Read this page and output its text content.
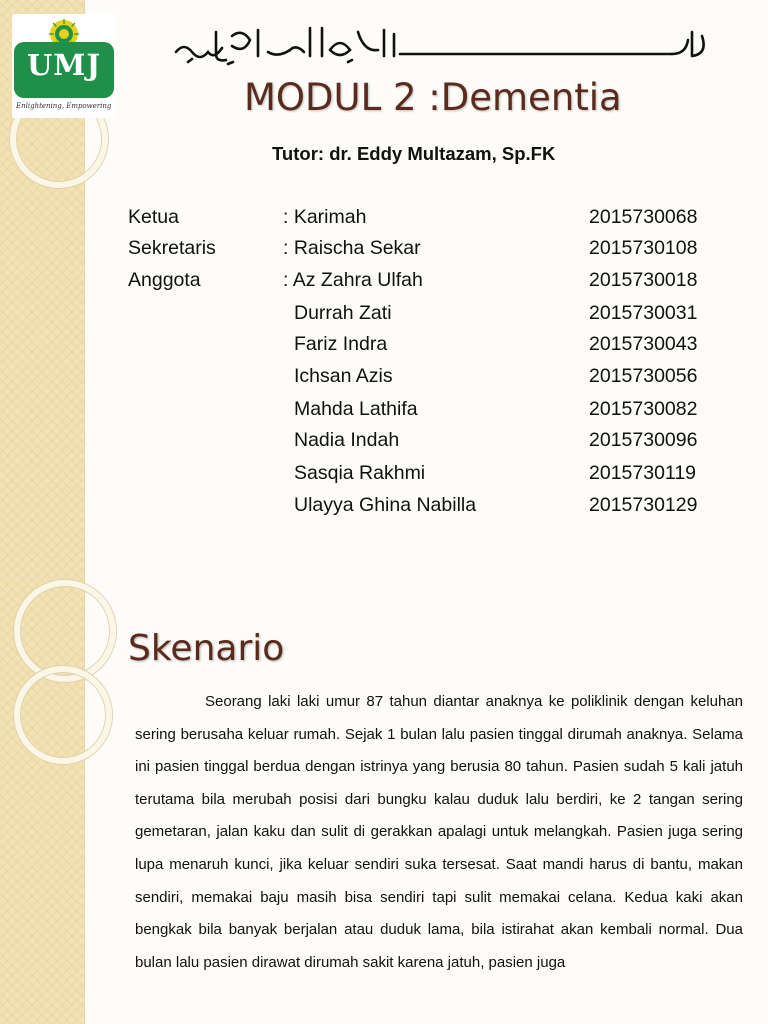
UMJ
Enlightening, Empowering	MODUL 2 :Dementia
Tutor: dr. Eddy Multazam, Sp.FK
Ketua	: Karimah	2015730068
Sekretaris	: Raischa Sekar	2015730108
Anggota	: Az Zahra Ulfah	2015730018
Durrah Zati	2015730031
Fariz Indra	2015730043
Ichsan Azis	2015730056
Mahda Lathifa	2015730082
Nadia Indah	2015730096
Sasqia Rakhmi	2015730119
Ulayya Ghina Nabilla	2015730129
Skenario
Seorang laki laki umur 87 tahun diantar anaknya ke poliklinik dengan keluhan sering berusaha keluar rumah. Sejak 1 bulan lalu pasien tinggal dirumah anaknya. Selama ini pasien tinggal berdua dengan istrinya yang berusia 80 tahun. Pasien sudah 5 kali jatuh terutama bila merubah posisi dari bungku kalau duduk lalu berdiri, ke 2 tangan sering gemetaran, jalan kaku dan sulit di gerakkan apalagi untuk melangkah. Pasien juga sering lupa menaruh kunci, jika keluar sendiri suka tersesat. Saat mandi harus di bantu, makan sendiri, memakai baju masih bisa sendiri tapi sulit memakai celana. Kedua kaki akan bengkak bila banyak berjalan atau duduk lama, bila istirahat akan kembali normal. Dua bulan lalu pasien dirawat dirumah sakit karena jatuh, pasien juga
